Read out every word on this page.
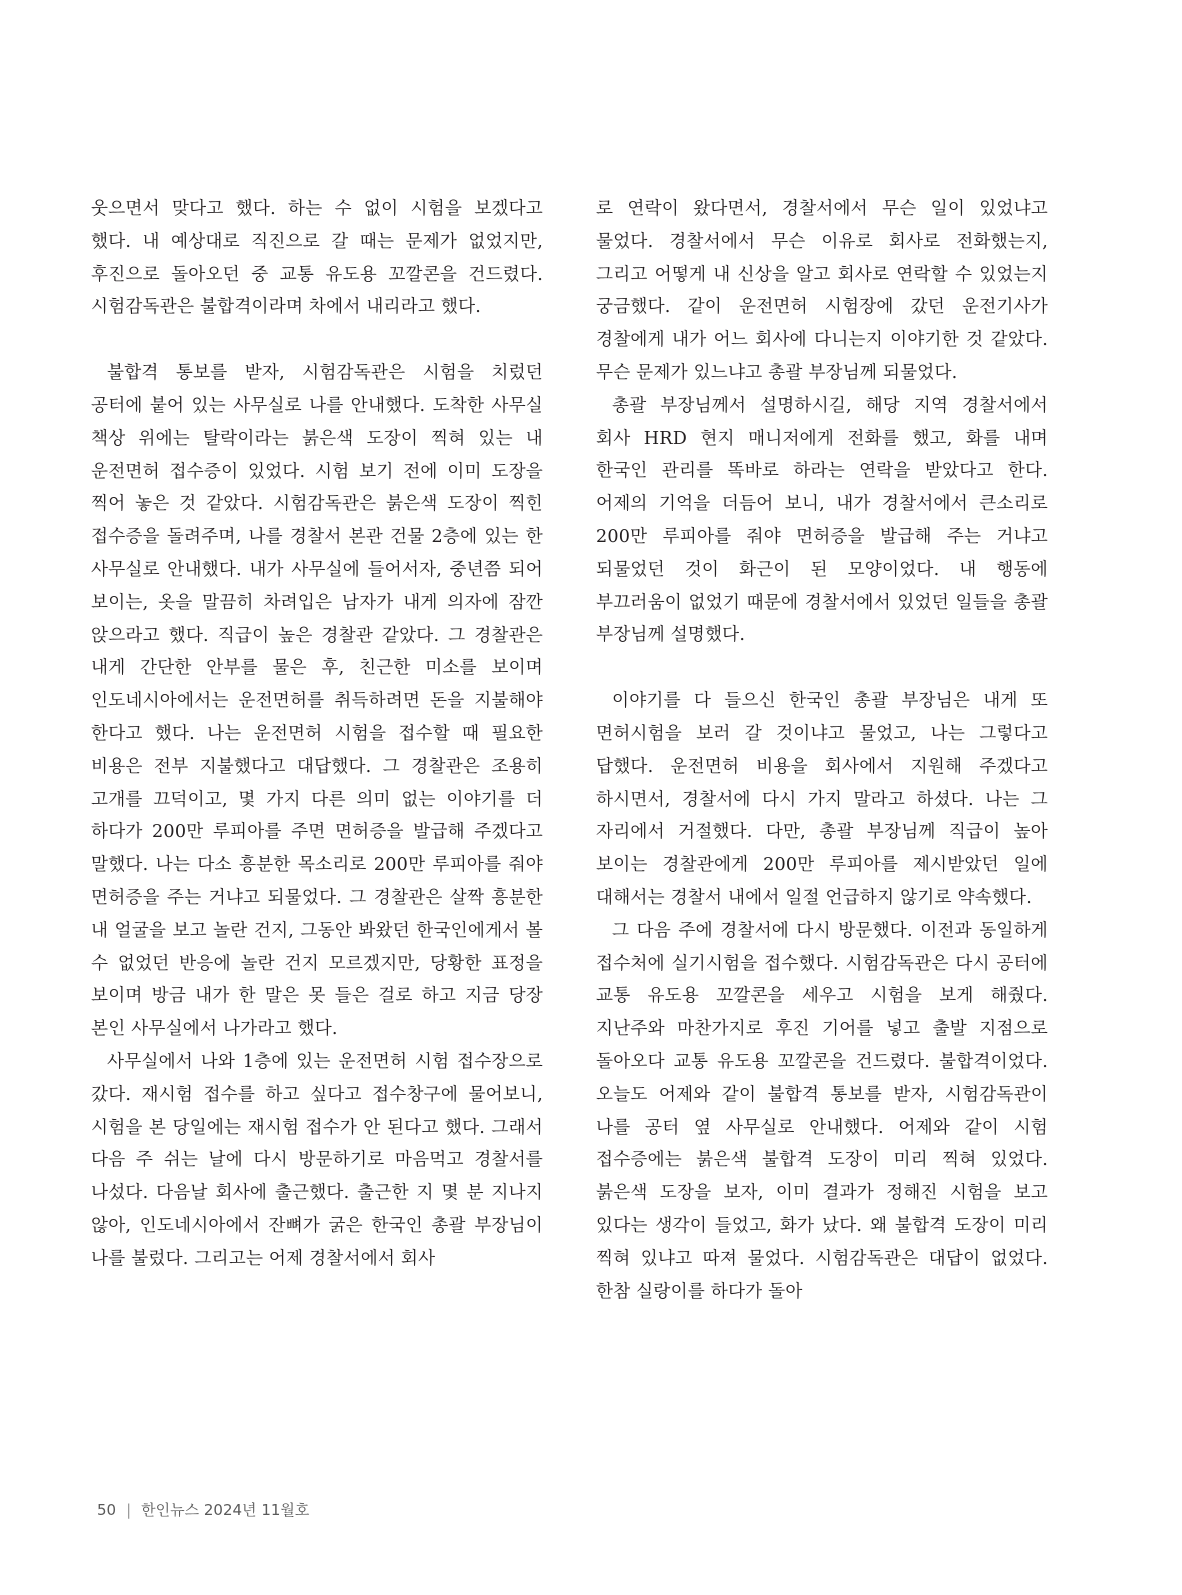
웃으면서 맞다고 했다. 하는 수 없이 시험을 보겠다고 했다. 내 예상대로 직진으로 갈 때는 문제가 없었지만, 후진으로 돌아오던 중 교통 유도용 꼬깔콘을 건드렸다. 시험감독관은 불합격이라며 차에서 내리라고 했다.

불합격 통보를 받자, 시험감독관은 시험을 치렀던 공터에 붙어 있는 사무실로 나를 안내했다. 도착한 사무실 책상 위에는 탈락이라는 붉은색 도장이 찍혀 있는 내 운전면허 접수증이 있었다. 시험 보기 전에 이미 도장을 찍어 놓은 것 같았다. 시험감독관은 붉은색 도장이 찍힌 접수증을 돌려주며, 나를 경찰서 본관 건물 2층에 있는 한 사무실로 안내했다. 내가 사무실에 들어서자, 중년쯤 되어 보이는, 옷을 말끔히 차려입은 남자가 내게 의자에 잠깐 앉으라고 했다. 직급이 높은 경찰관 같았다. 그 경찰관은 내게 간단한 안부를 물은 후, 친근한 미소를 보이며 인도네시아에서는 운전면허를 취득하려면 돈을 지불해야 한다고 했다. 나는 운전면허 시험을 접수할 때 필요한 비용은 전부 지불했다고 대답했다. 그 경찰관은 조용히 고개를 끄덕이고, 몇 가지 다른 의미 없는 이야기를 더 하다가 200만 루피아를 주면 면허증을 발급해 주겠다고 말했다. 나는 다소 흥분한 목소리로 200만 루피아를 줘야 면허증을 주는 거냐고 되물었다. 그 경찰관은 살짝 흥분한 내 얼굴을 보고 놀란 건지, 그동안 봐왔던 한국인에게서 볼 수 없었던 반응에 놀란 건지 모르겠지만, 당황한 표정을 보이며 방금 내가 한 말은 못 들은 걸로 하고 지금 당장 본인 사무실에서 나가라고 했다.

사무실에서 나와 1층에 있는 운전면허 시험 접수장으로 갔다. 재시험 접수를 하고 싶다고 접수창구에 물어보니, 시험을 본 당일에는 재시험 접수가 안 된다고 했다. 그래서 다음 주 쉬는 날에 다시 방문하기로 마음먹고 경찰서를 나섰다. 다음날 회사에 출근했다. 출근한 지 몇 분 지나지 않아, 인도네시아에서 잔뼈가 굵은 한국인 총괄 부장님이 나를 불렀다. 그리고는 어제 경찰서에서 회사

로 연락이 왔다면서, 경찰서에서 무슨 일이 있었냐고 물었다. 경찰서에서 무슨 이유로 회사로 전화했는지, 그리고 어떻게 내 신상을 알고 회사로 연락할 수 있었는지 궁금했다. 같이 운전면허 시험장에 갔던 운전기사가 경찰에게 내가 어느 회사에 다니는지 이야기한 것 같았다. 무슨 문제가 있느냐고 총괄 부장님께 되물었다.

총괄 부장님께서 설명하시길, 해당 지역 경찰서에서 회사 HRD 현지 매니저에게 전화를 했고, 화를 내며 한국인 관리를 똑바로 하라는 연락을 받았다고 한다. 어제의 기억을 더듬어 보니, 내가 경찰서에서 큰소리로 200만 루피아를 줘야 면허증을 발급해 주는 거냐고 되물었던 것이 화근이 된 모양이었다. 내 행동에 부끄러움이 없었기 때문에 경찰서에서 있었던 일들을 총괄 부장님께 설명했다.

이야기를 다 들으신 한국인 총괄 부장님은 내게 또 면허시험을 보러 갈 것이냐고 물었고, 나는 그렇다고 답했다. 운전면허 비용을 회사에서 지원해 주겠다고 하시면서, 경찰서에 다시 가지 말라고 하셨다. 나는 그 자리에서 거절했다. 다만, 총괄 부장님께 직급이 높아 보이는 경찰관에게 200만 루피아를 제시받았던 일에 대해서는 경찰서 내에서 일절 언급하지 않기로 약속했다.

그 다음 주에 경찰서에 다시 방문했다. 이전과 동일하게 접수처에 실기시험을 접수했다. 시험감독관은 다시 공터에 교통 유도용 꼬깔콘을 세우고 시험을 보게 해줬다. 지난주와 마찬가지로 후진 기어를 넣고 출발 지점으로 돌아오다 교통 유도용 꼬깔콘을 건드렸다. 불합격이었다. 오늘도 어제와 같이 불합격 통보를 받자, 시험감독관이 나를 공터 옆 사무실로 안내했다. 어제와 같이 시험 접수증에는 붉은색 불합격 도장이 미리 찍혀 있었다. 붉은색 도장을 보자, 이미 결과가 정해진 시험을 보고 있다는 생각이 들었고, 화가 났다. 왜 불합격 도장이 미리 찍혀 있냐고 따져 물었다. 시험감독관은 대답이 없었다. 한참 실랑이를 하다가 돌아

50 | 한인뉴스 2024년 11월호
